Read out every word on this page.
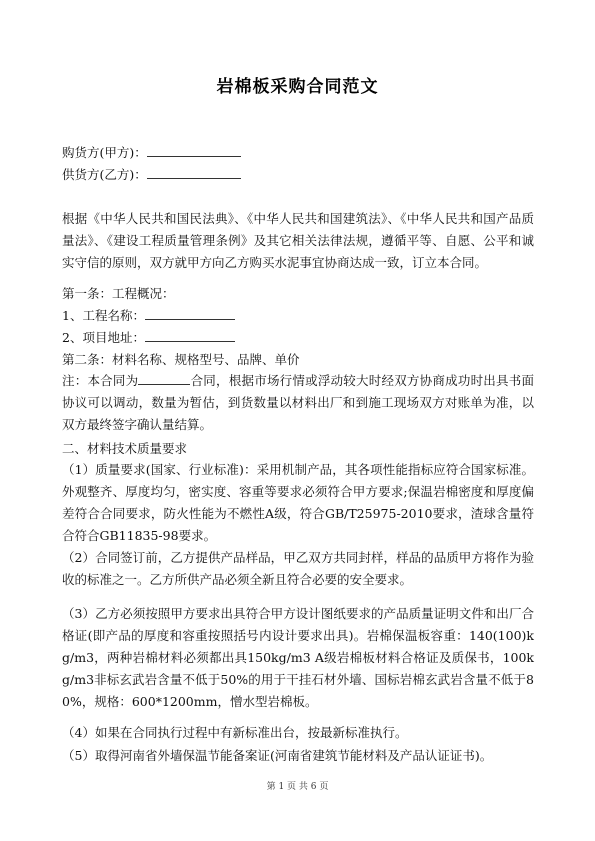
岩棉板采购合同范文
购货方(甲方)：
供货方(乙方)：
根据《中华人民共和国民法典》、《中华人民共和国建筑法》、《中华人民共和国产品质量法》、《建设工程质量管理条例》及其它相关法律法规，遵循平等、自愿、公平和诚实守信的原则，双方就甲方向乙方购买水泥事宜协商达成一致，订立本合同。
第一条：工程概况：
1、工程名称：
2、项目地址：
第二条：材料名称、规格型号、品牌、单价
注：本合同为	合同，根据市场行情或浮动较大时经双方协商成功时出具书面协议可以调动，数量为暂估，到货数量以材料出厂和到施工现场双方对账单为准，以双方最终签字确认量结算。
二、材料技术质量要求
（1）质量要求(国家、行业标准)：采用机制产品，其各项性能指标应符合国家标准。外观整齐、厚度均匀，密实度、容重等要求必须符合甲方要求;保温岩棉密度和厚度偏差符合合同要求，防火性能为不燃性A级，符合GB/T25975-2010要求，渣球含量符合符合GB11835-98要求。
（2）合同签订前，乙方提供产品样品，甲乙双方共同封样，样品的品质甲方将作为验收的标准之一。乙方所供产品必须全新且符合必要的安全要求。
（3）乙方必须按照甲方要求出具符合甲方设计图纸要求的产品质量证明文件和出厂合格证(即产品的厚度和容重按照括号内设计要求出具)。岩棉保温板容重：140(100)kg/m3，两种岩棉材料必须都出具150kg/m3 A级岩棉板材料合格证及质保书，100kg/m3非标玄武岩含量不低于50%的用于干挂石材外墙、国标岩棉玄武岩含量不低于80%，规格：600*1200mm，憎水型岩棉板。
（4）如果在合同执行过程中有新标准出台，按最新标准执行。
（5）取得河南省外墙保温节能备案证(河南省建筑节能材料及产品认证证书)。
第 1 页 共 6 页
